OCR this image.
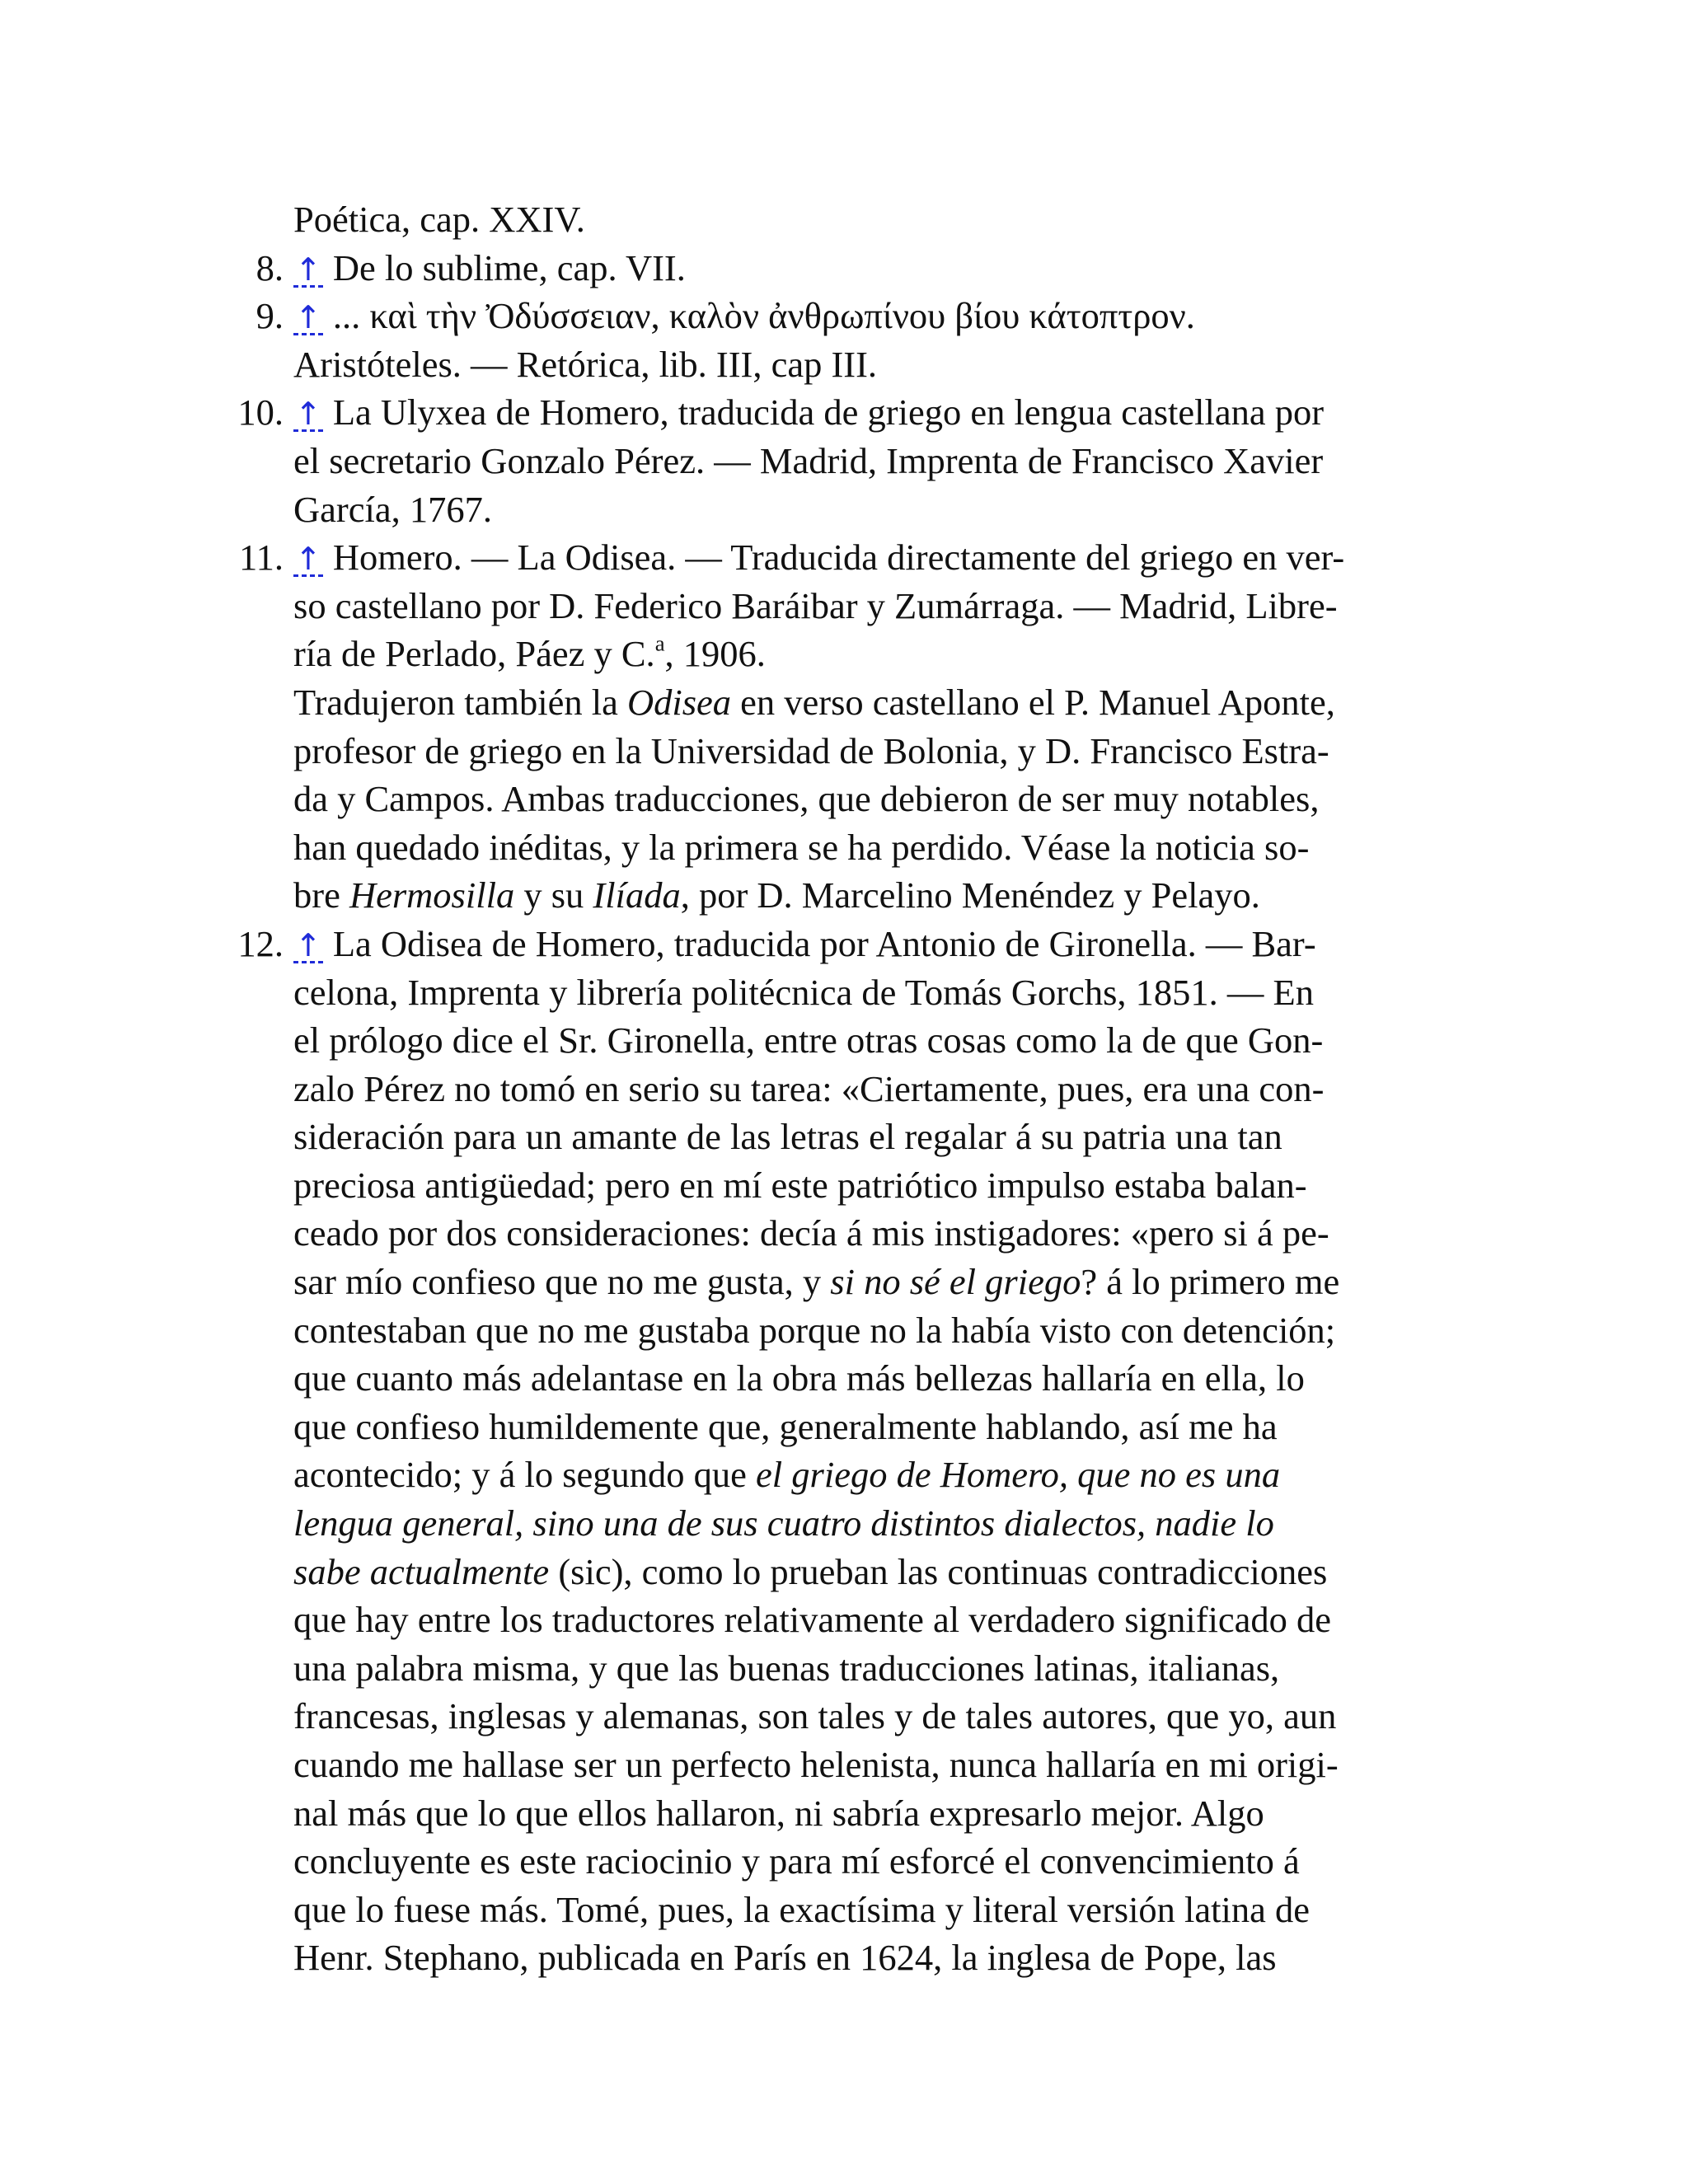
Poética, cap. XXIV.
8. ↑ De lo sublime, cap. VII.
9. ↑ ... καὶ τὴν Ὀδύσσειαν, καλὸν ἀνθρωπίνου βίου κάτοπτρον.
Aristóteles. — Retórica, lib. III, cap III.
10. ↑ La Ulyxea de Homero, traducida de griego en lengua castellana por
el secretario Gonzalo Pérez. — Madrid, Imprenta de Francisco Xavier
García, 1767.
11. ↑ Homero. — La Odisea. — Traducida directamente del griego en ver-
so castellano por D. Federico Baráibar y Zumárraga. — Madrid, Libre-
ría de Perlado, Páez y C.$^a$, 1906.
Tradujeron también la Odisea en verso castellano el P. Manuel Aponte,
profesor de griego en la Universidad de Bolonia, y D. Francisco Estra-
da y Campos. Ambas traducciones, que debieron de ser muy notables,
han quedado inéditas, y la primera se ha perdido. Véase la noticia so-
bre Hermosilla y su Ilíada, por D. Marcelino Menéndez y Pelayo.
12. ↑ La Odisea de Homero, traducida por Antonio de Gironella. — Bar-
celona, Imprenta y librería politécnica de Tomás Gorchs, 1851. — En
el prólogo dice el Sr. Gironella, entre otras cosas como la de que Gon-
zalo Pérez no tomó en serio su tarea: «Ciertamente, pues, era una con-
sideración para un amante de las letras el regalar á su patria una tan
preciosa antigüedad; pero en mí este patriótico impulso estaba balan-
ceado por dos consideraciones: decía á mis instigadores: «pero si á pe-
sar mío confieso que no me gusta, y si no sé el griego? á lo primero me
contestaban que no me gustaba porque no la había visto con detención;
que cuanto más adelantase en la obra más bellezas hallaría en ella, lo
que confieso humildemente que, generalmente hablando, así me ha
acontecido; y á lo segundo que el griego de Homero, que no es una
lengua general, sino una de sus cuatro distintos dialectos, nadie lo
sabe actualmente (sic), como lo prueban las continuas contradicciones
que hay entre los traductores relativamente al verdadero significado de
una palabra misma, y que las buenas traducciones latinas, italianas,
francesas, inglesas y alemanas, son tales y de tales autores, que yo, aun
cuando me hallase ser un perfecto helenista, nunca hallaría en mi origi-
nal más que lo que ellos hallaron, ni sabría expresarlo mejor. Algo
concluyente es este raciocinio y para mí esforcé el convencimiento á
que lo fuese más. Tomé, pues, la exactísima y literal versión latina de
Henr. Stephano, publicada en París en 1624, la inglesa de Pope, las
